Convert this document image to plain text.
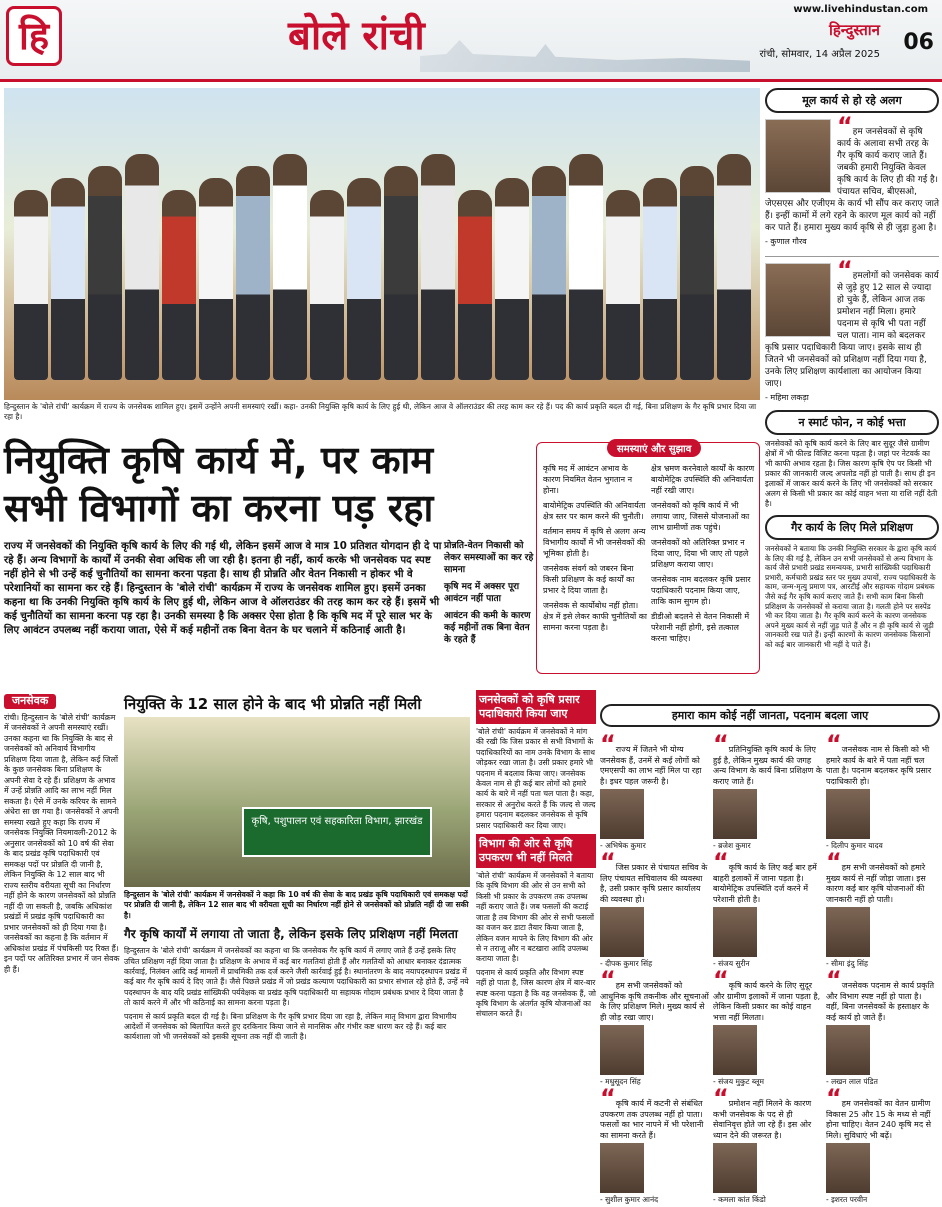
हि	बोले रांची
www.livehindustan.com
हिन्दुस्तान
रांची, सोमवार, 14 अप्रैल 2025 06
हिन्दुस्तान के 'बोले रांची' कार्यक्रम में राज्य के जनसेवक शामिल हुए। इसमें उन्होंने अपनी समस्याएं रखीं। कहा- उनकी नियुक्ति कृषि कार्य के लिए हुई थी, लेकिन आज वे ऑलराउंडर की तरह काम कर रहे हैं। पद की कार्य प्रकृति बदल दी गई, बिना प्रशिक्षण के गैर कृषि प्रभार दिया जा रहा है।
मूल कार्य से हो रहे अलग
“हम जनसेवकों से कृषि कार्य के अलावा सभी तरह के गैर कृषि कार्य कराए जाते हैं। जबकी हमारी नियुक्ति केवल कृषि कार्य के लिए ही की गई है। पंचायत सचिव, बीएसओ, जेएसएस और एजीएम के कार्य भी सौंप कर कराए जाते हैं। इन्हीं कामों में लगे रहने के कारण मूल कार्य को नहीं कर पाते हैं। हमारा मुख्य कार्य कृषि से ही जुड़ा हुआ है।
- कुणाल गौरव
“हमलोगों को जनसेवक कार्य से जुड़े हुए 12 साल से ज्यादा हो चुके हैं, लेकिन आज तक प्रमोशन नहीं मिला। हमारे पदनाम से कृषि भी पता नहीं चल पाता। नाम को बदलकर कृषि प्रसार पदाधिकारी किया जाए। इसके साथ ही जितने भी जनसेवकों को प्रशिक्षण नहीं दिया गया है, उनके लिए प्रशिक्षण कार्यशाला का आयोजन किया जाए।
- महिमा लकड़ा
न स्मार्ट फोन, न कोई भत्ता
जनसेवकों को कृषि कार्य करने के लिए बार सुदूर जैसे ग्रामीण क्षेत्रों में भी फील्ड विजिट करना पड़ता है। जहां पर नेटवर्क का भी काफी अभाव रहता है। जिस कारण कृषि ऐप पर किसी भी प्रकार की जानकारी जल्द अपलोड नहीं हो पाती है। साथ ही इन इलाकों में जाकर कार्य करने के लिए भी जनसेवकों को सरकार अलग से किसी भी प्रकार का कोई वाहन भत्ता या राशि नहीं देती है।
गैर कार्य के लिए मिले प्रशिक्षण
जनसेवकों ने बताया कि उनकी नियुक्ति सरकार के द्वारा कृषि कार्य के लिए की गई है, लेकिन उन सभी जनसेवकों से अन्य विभाग के कार्य जैसे प्रभारी प्रखंड समन्वयक, प्रभारी सांख्यिकी पदाधिकारी प्रभारी, कर्मचारी प्रखंड स्तर पर मुख्य उपायों, राज्य पदाधिकारी के काम, जन्म-मृत्यु प्रमाण पत्र, आरटीई और सहायक गोदाम प्रबंधक जैसे कई गैर कृषि कार्य कराए जाते हैं। सभी काम बिना किसी प्रशिक्षण के जनसेवकों से कराया जाता है। गलती होने पर सस्पेंड भी कर दिया जाता है। गैर कृषि कार्य करने के कारण जनसेवक अपने मुख्य कार्य से नहीं जुड़ पाते हैं और न ही कृषि कार्य से जुड़ी जानकारी रख पाते हैं। इन्हीं कारणों के कारण जनसेवक किसानों को कई बार जानकारी भी नहीं दे पाते हैं।
नियुक्ति कृषि कार्य में, पर काम
सभी विभागों का करना पड़ रहा
राज्य में जनसेवकों की नियुक्ति कृषि कार्य के लिए की गई थी, लेकिन इसमें आज वे मात्र 10 प्रतिशत योगदान ही दे पा रहे हैं। अन्य विभागों के कार्यों में उनकी सेवा अधिक ली जा रही है। इतना ही नहीं, कार्य करके भी जनसेवक पद स्पष्ट नहीं होने से भी उन्हें कई चुनौतियों का सामना करना पड़ता है। साथ ही प्रोन्नति और वेतन निकासी न होकर भी वे परेशानियों का सामना कर रहे हैं। हिन्दुस्तान के 'बोले रांची' कार्यक्रम में राज्य के जनसेवक शामिल हुए। इसमें उनका कहना था कि उनकी नियुक्ति कृषि कार्य के लिए हुई थी, लेकिन आज वे ऑलराउंडर की तरह काम कर रहे हैं। इसमें भी कई चुनौतियों का सामना करना पड़ रहा है। उनकी समस्या है कि अक्सर ऐसा होता है कि कृषि मद में पूरे साल भर के लिए आवंटन उपलब्ध नहीं कराया जाता, ऐसे में कई महीनों तक बिना वेतन के घर चलाने में कठिनाई आती है।
प्रोन्नति-वेतन निकासी को लेकर समस्याओं का कर रहे सामना
कृषि मद में अक्सर पूरा आवंटन नहीं पाता
आवंटन की कमी के कारण कई महीनों तक बिना वेतन के रहते हैं
समस्याएं और सुझाव
कृषि मद में आवंटन अभाव के कारण नियमित वेतन भुगतान न होना।
बायोमेट्रिक उपस्थिति की अनिवार्यता क्षेत्र स्तर पर काम करने की चुनौती।
वर्तमान समय में कृषि से अलग अन्य विभागीय कार्यों में भी जनसेवकों की भूमिका होती है।
जनसेवक संवर्ग को जबरन बिना किसी प्रशिक्षण के कई कार्यों का प्रभार दे दिया जाता है।
जनसेवक से कार्योबोध नहीं होता। क्षेत्र में इसे लेकर काफी चुनौतियों का सामना करना पड़ता है।
क्षेत्र भ्रमण करनेवाले कार्यों के कारण बायोमेट्रिक उपस्थिति की अनिवार्यता नहीं रखी जाए।
जनसेवकों को कृषि कार्य में भी लगाया जाए, जिससे योजनाओं का लाभ ग्रामीणों तक पहुंचे।
जनसेवकों को अतिरिक्त प्रभार न दिया जाए, दिया भी जाए तो पहले प्रशिक्षण कराया जाए।
जनसेवक नाम बदलकर कृषि प्रसार पदाधिकारी पदनाम किया जाए, ताकि काम सुगम हो।
डीडीओ बदलने से वेतन निकासी में परेशानी नहीं होगी, इसे तत्काल करना चाहिए।
जनसेवक
रांची। हिन्दुस्तान के 'बोले रांची' कार्यक्रम में जनसेवकों ने अपनी समस्याएं रखीं। उनका कहना था कि नियुक्ति के बाद से जनसेवकों को अनिवार्य विभागीय प्रशिक्षण दिया जाता है, लेकिन कई जिलों के कुछ जनसेवक बिना प्रशिक्षण के अपनी सेवा दे रहे हैं। प्रशिक्षण के अभाव में उन्हें प्रोन्नति आदि का लाभ नहीं मिल सकता है। ऐसे में उनके करियर के सामने अंधेरा सा छा गया है। जनसेवकों ने अपनी समस्या रखते हुए कहा कि राज्य में जनसेवक नियुक्ति नियमावली-2012 के अनुसार जनसेवकों को 10 वर्ष की सेवा के बाद प्रखंड कृषि पदाधिकारी एवं समकक्ष पदों पर प्रोन्नति दी जानी है, लेकिन नियुक्ति के 12 साल बाद भी राज्य स्तरीय वरीयता सूची का निर्धारण नहीं होने के कारण जनसेवकों को प्रोन्नति नहीं दी जा सकती है, जबकि अधिकांश प्रखंडों में प्रखंड कृषि पदाधिकारी का प्रभार जनसेवकों को ही दिया गया है। जनसेवकों का कहना है कि वर्तमान में अधिकांश प्रखंड में पंचकिसी पद रिक्त हैं। इन पदों पर अतिरिक्त प्रभार में जन सेवक ही हैं।
नियुक्ति के 12 साल होने के बाद भी प्रोन्नति नहीं मिली
कृषि, पशुपालन एवं सहकारिता विभाग, झारखंड
हिन्दुस्तान के 'बोले रांची' कार्यक्रम में जनसेवकों ने कहा कि 10 वर्ष की सेवा के बाद प्रखंड कृषि पदाधिकारी एवं समकक्ष पदों पर प्रोन्नति दी जानी है, लेकिन 12 साल बाद भी वरीयता सूची का निर्धारण नहीं होने से जनसेवकों को प्रोन्नति नहीं दी जा सकी है।
गैर कृषि कार्यों में लगाया तो जाता है, लेकिन इसके लिए प्रशिक्षण नहीं मिलता
हिन्दुस्तान के 'बोले रांची' कार्यक्रम में जनसेवकों का कहना था कि जनसेवक गैर कृषि कार्य में लगाए जाते हैं उन्हें इसके लिए उचित प्रशिक्षण नहीं दिया जाता है। प्रशिक्षण के अभाव में कई बार गलतियां होती हैं और गलतियों को आधार बनाकर दंडात्मक कार्रवाई, निलंबन आदि कई मामलों में प्राथमिकी तक दर्ज करने जैसी कार्रवाई हुई है। स्थानांतरण के बाद नयापदस्थापन प्रखंड में कई बार गैर कृषि कार्य दे दिए जाते हैं। जैसे पिछले प्रखंड में जो प्रखंड कल्याण पदाधिकारी का प्रभार संभाल रहे होते हैं, उन्हें नये पदस्थापन के बाद यदि प्रखंड सांख्यिकी पर्यवेक्षक या प्रखंड कृषि पदाधिकारी या सहायक गोदाम प्रबंधक प्रभार दे दिया जाता है तो कार्य करने में और भी कठिनाई का सामना करना पड़ता है।
पदनाम से कार्य प्रकृति बदल दी गई है। बिना प्रशिक्षण के गैर कृषि प्रभार दिया जा रहा है, लेकिन मातृ विभाग द्वारा विभागीय आदेशों में जनसेवक को बिलापित करते हुए दरकिनार किया जाने से मानसिक और गंभीर कष्ट धारण कर रहे हैं। कई बार कार्यशाला जो भी जनसेवकों को इसकी सूचना तक नहीं दी जाती है।
जनसेवकों को कृषि प्रसार पदाधिकारी किया जाए
'बोले रांची' कार्यक्रम में जनसेवकों ने मांग की रखी कि जिस प्रकार से सभी विभागों के पदाधिकारियों का नाम उनके विभाग के साथ जोड़कर रखा जाता है। उसी प्रकार हमारे भी पदनाम में बदलाव किया जाए। जनसेवक केवल नाम से ही कई बार लोगों को हमारे कार्य के बारे में नहीं पता चल पाता है। कहा, सरकार से अनुरोध करते हैं कि जल्द से जल्द हमारा पदनाम बदलकर जनसेवक से कृषि प्रसार पदाधिकारी कर दिया जाए।
विभाग की ओर से कृषि उपकरण भी नहीं मिलते
'बोले रांची' कार्यक्रम में जनसेवकों ने बताया कि कृषि विभाग की ओर से उन सभी को किसी भी प्रकार के उपकरण तक उपलब्ध नहीं कराए जाते हैं। जब फसलों की कटाई जाता है तब विभाग की ओर से सभी फसलों का वजन कर डाटा तैयार किया जाता है, लेकिन वजन मापने के लिए विभाग की ओर से न तराजू और न बटखारा आदि उपलब्ध कराया जाता है।
पदनाम से कार्य प्रकृति और विभाग स्पष्ट नहीं हो पाता है, जिस कारण क्षेत्र में बार-बार स्पष्ट करना पड़ता है कि वह जनसेवक हैं, जो कृषि विभाग के अंतर्गत कृषि योजनाओं का संचालन करते हैं।
हमारा काम कोई नहीं जानता, पदनाम बदला जाए
“राज्य में जितने भी योग्य जनसेवक हैं, उनमें से कई लोगों को एमएसपी का लाभ नहीं मिल पा रहा है। इधर पहल जरूरी है।
- अभिषेक कुमार
“प्रतिनियुक्ति कृषि कार्य के लिए हुई है, लेकिन मुख्य कार्य की जगह अन्य विभाग के कार्य बिना प्रशिक्षण के कराए जाते हैं।
- ब्रजेश कुमार
“जनसेवक नाम से किसी को भी हमारे कार्य के बारे में पता नहीं चल पाता है। पदनाम बदलकर कृषि प्रसार पदाधिकारी हो।
- दिलीप कुमार यादव
“जिस प्रकार से पंचायत सचिव के लिए पंचायत सचिवालय की व्यवस्था है, उसी प्रकार कृषि प्रसार कार्यालय की व्यवस्था हो।
- दीपक कुमार सिंह
“कृषि कार्य के लिए कई बार हमें बाहरी इलाकों में जाना पड़ता है। बायोमेट्रिक उपस्थिति दर्ज करने में परेशानी होती है।
- संजय सुरीन
“हम सभी जनसेवकों को हमारे मुख्य कार्य से नहीं जोड़ा जाता। इस कारण कई बार कृषि योजनाओं की जानकारी नहीं हो पाती।
- सीमा इंदु सिंह
“हम सभी जनसेवकों को आधुनिक कृषि तकनीक और सूचनाओं के लिए प्रशिक्षण मिले। मुख्य कार्य से ही जोड़ रखा जाए।
- मधुसूदन सिंह
“कृषि कार्य करने के लिए सुदूर और ग्रामीण इलाकों में जाना पड़ता है, लेकिन किसी प्रकार का कोई वाहन भत्ता नहीं मिलता।
- संजय मुकुट ब्लूम
“जनसेवक पदनाम से कार्य प्रकृति और विभाग स्पष्ट नहीं हो पाता है। वहीं, बिना जनसेवकों के हस्ताक्षर के कई कार्य हो जाते हैं।
- लखन लाल पंडित
“कृषि कार्य में कटनी से संबंधित उपकरण तक उपलब्ध नहीं हो पाता। फसलों का भार नापने में भी परेशानी का सामना करते हैं।
- सुशील कुमार आनंद
“प्रमोशन नहीं मिलने के कारण कभी जनसेवक के पद से ही सेवानिवृत्त होते जा रहे हैं। इस ओर ध्यान देने की जरूरत है।
- कमला कांत किंडो
“हम जनसेवकों का वेतन ग्रामीण विकास 25 और 15 के मध्य से नहीं होना चाहिए। वेतन 240 कृषि मद से मिले। सुविधाएं भी बढ़ें।
- इशरत परवीन
